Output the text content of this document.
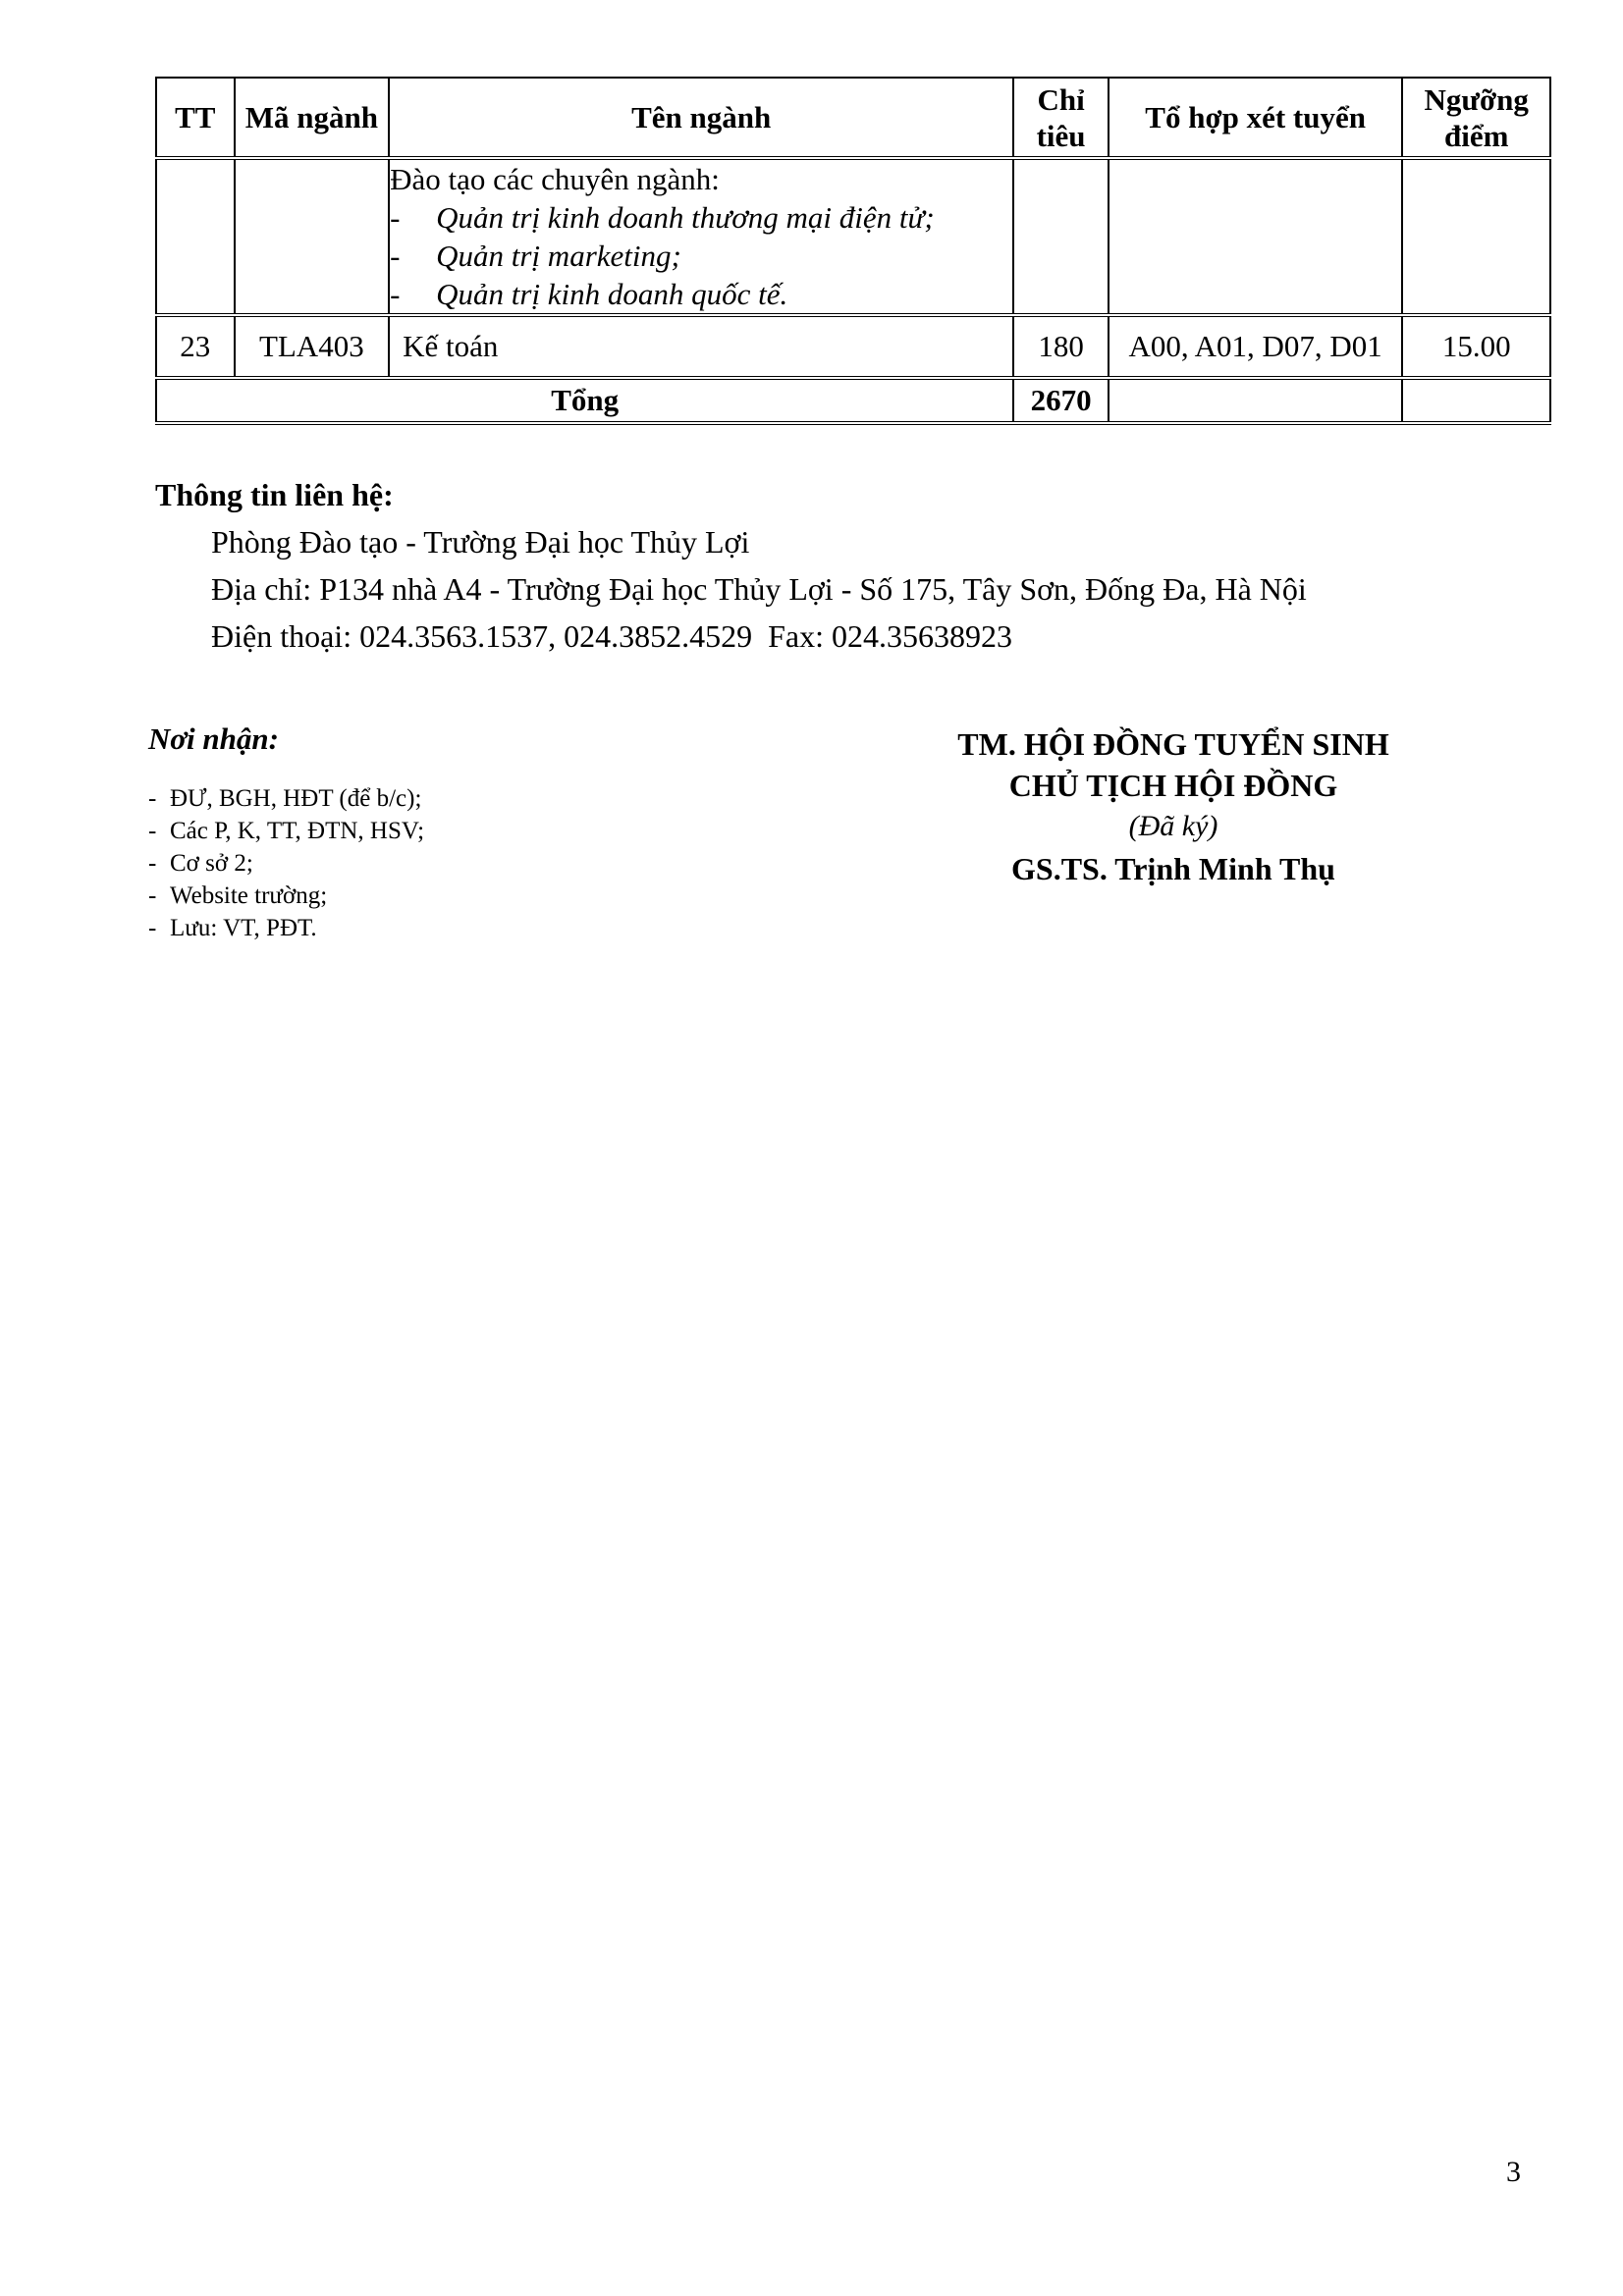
TT	Mã ngành	Tên ngành	Chỉ tiêu	Tổ hợp xét tuyển	Ngưỡng điểm

		Đào tạo các chuyên ngành:
- Quản trị kinh doanh thương mại điện tử;
- Quản trị marketing;
- Quản trị kinh doanh quốc tế.			

23	TLA403	Kế toán	180	A00, A01, D07, D01	15.00
Tổng			2670		
Thông tin liên hệ:
Phòng Đào tạo - Trường Đại học Thủy Lợi
Địa chỉ: P134 nhà A4 - Trường Đại học Thủy Lợi - Số 175, Tây Sơn, Đống Đa, Hà Nội
Điện thoại: 024.3563.1537, 024.3852.4529  Fax: 024.35638923
Nơi nhận:
- ĐƯ, BGH, HĐT (để b/c);
- Các P, K, TT, ĐTN, HSV;
- Cơ sở 2;
- Website trường;
- Lưu: VT, PĐT.
TM. HỘI ĐỒNG TUYỂN SINH
CHỦ TỊCH HỘI ĐỒNG
(Đã ký)
GS.TS. Trịnh Minh Thụ
3
